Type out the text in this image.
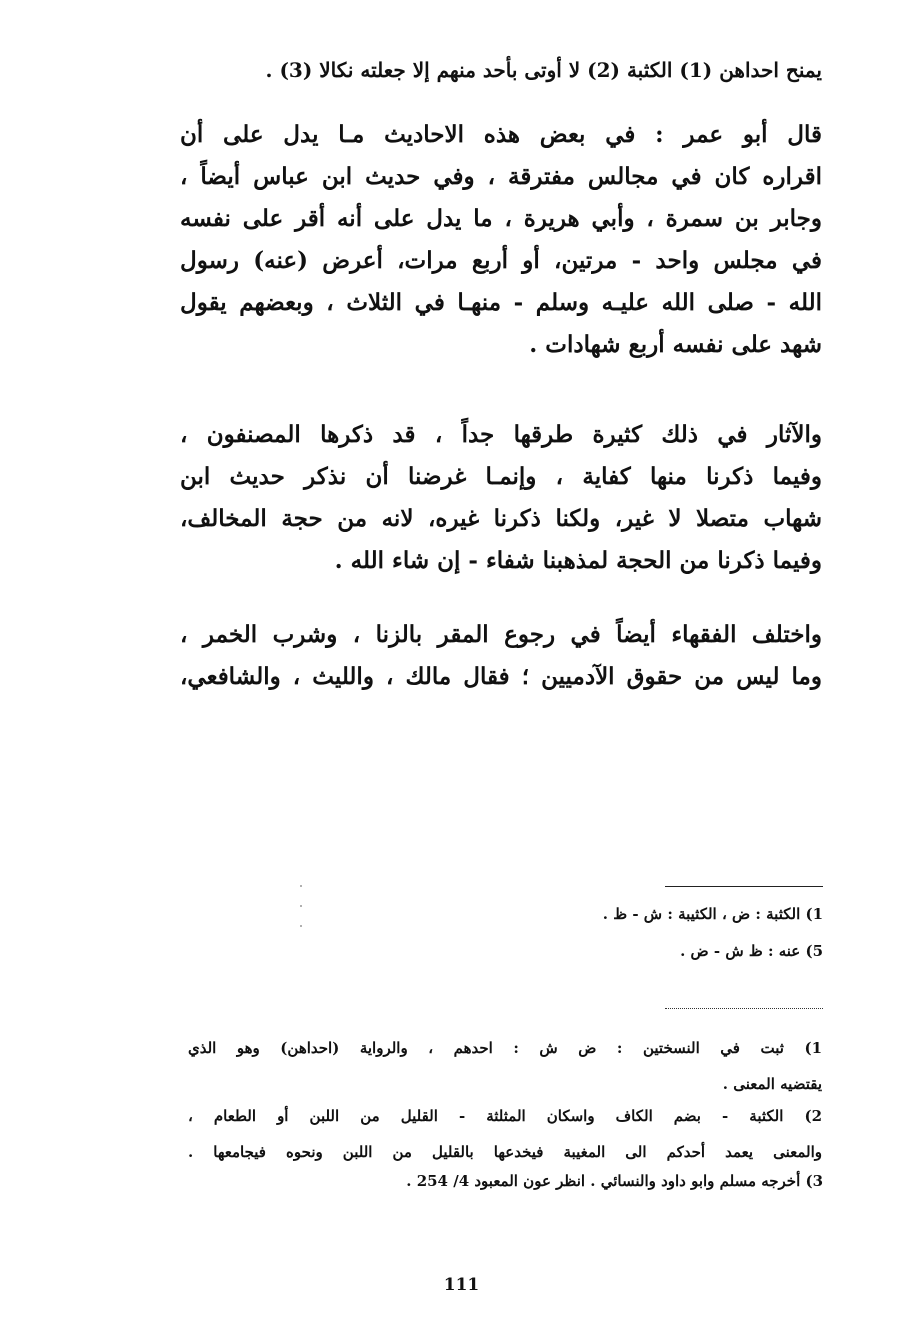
يمنح احداهن (1) الكثبة (2) لا أوتى بأحد منهم إلا جعلته نكالا (3) .
قال أبو عمر : في بعض هذه الاحاديث مـا يدل على أن
اقراره كان في مجالس مفترقة ، وفي حديث ابن عباس أيضاً ،
وجابر بن سمرة ، وأبي هريرة ، ما يدل على أنه أقر على نفسه
في مجلس واحد - مرتين، أو أربع مرات، أعرض (عنه) رسول
الله - صلى الله عليـه وسلم - منهـا في الثلاث ، وبعضهم يقول
شهد على نفسه أربع شهادات .
والآثار في ذلك كثيرة طرقها جداً ، قد ذكرها المصنفون ،
وفيما ذكرنا منها كفاية ، وإنمـا غرضنا أن نذكر حديث ابن
شهاب متصلا لا غير، ولكنا ذكرنا غيره، لانه من حجة المخالف،
وفيما ذكرنا من الحجة لمذهبنا شفاء - إن شاء الله .
واختلف الفقهاء أيضاً في رجوع المقر بالزنا ، وشرب الخمر ،
وما ليس من حقوق الآدميين ؛ فقال مالك ، والليث ، والشافعي،
1) الكثبة : ض ، الكثيبة : ش - ظ .
5) عنه : ظ ش - ض .
1) ثبت في النسختين : ض ش : احدهم ، والرواية (احداهن) وهو الذي
يقتضيه المعنى .
2) الكثبة - بضم الكاف واسكان المثلثة - القليل من اللبن أو الطعام ،
والمعنى يعمد أحدكم الى المغيبة فيخدعها بالقليل من اللبن ونحوه فيجامعها .
3) أخرجه مسلم وابو داود والنسائي . انظر عون المعبود 4/ 254 .
111
